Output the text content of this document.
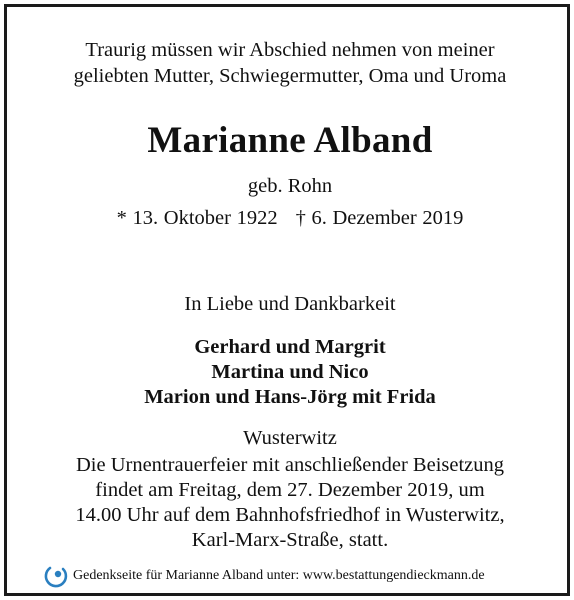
Traurig müssen wir Abschied nehmen von meiner
geliebten Mutter, Schwiegermutter, Oma und Uroma
Marianne Alband
geb. Rohn
* 13. Oktober 1922 † 6. Dezember 2019
In Liebe und Dankbarkeit
Gerhard und Margrit
Martina und Nico
Marion und Hans-Jörg mit Frida
Wusterwitz
Die Urnentrauerfeier mit anschließender Beisetzung
findet am Freitag, dem 27. Dezember 2019, um
14.00 Uhr auf dem Bahnhofsfriedhof in Wusterwitz,
Karl-Marx-Straße, statt.
Gedenkseite für Marianne Alband unter: www.bestattungendieckmann.de
